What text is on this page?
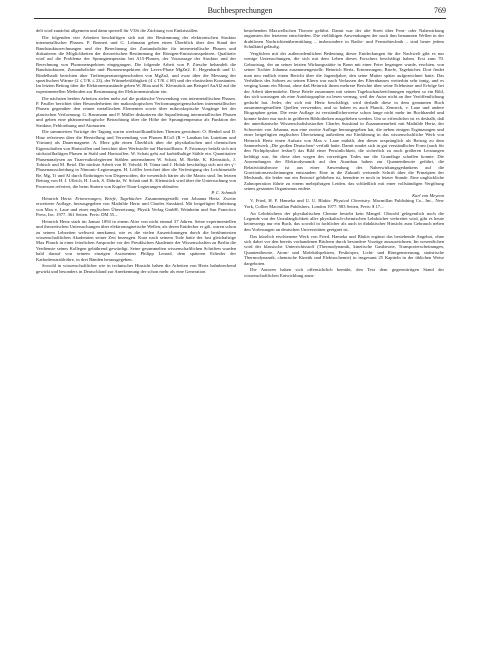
Buchbesprechungen	769

delt wird zunächst allgemein und dann speziell für V3Si die Züchtung von Einkristallen.

Die folgenden vier Arbeiten beschäftigen sich mit der Bestimmung der elektronischen Struktur intermetallischer Phasen. P. Rennert und G. Lehmann geben einen Überblick über den Stand der Bandstrukturrechnungen und der Berechnung der Zustandsdichte für intermetallische Phasen und diskutieren die Möglichkeiten der theoretischen Bestimmung der Röntgen-Emissionsspektren. Qualitativ wird auf die Probleme der Sprungtemperatur bei A15-Phasen, der Voraussage der Struktur und der Berechnung von Phononenspektren eingegangen. Die folgende Arbeit von P. Ziesche behandelt die Bandstrukturen, Zustandsdichte und Phononenspektren der Laves-Phase MgZn2. E. Hegenbarth und U. Rindelhardt berichten über Tieftemperatureigenschaften von MgZn2, und zwar über die Messung der spezifischen Wärme (2 ≤ T/K ≤ 23), der Wärmeleitfähigkeit (4 ≤ T/K ≤ 60) und der elastischen Konstanten. Im letzten Beitrag über die Elektronenzustände geben W. Blau und K. Kleinstück am Beispiel AuAl2 auf die experimentellen Methoden zur Bestimmung der Elektronenstruktur ein.

Die nächsten beiden Arbeiten zielen mehr auf die praktische Verwendung von intermetallischen Phasen. P. Paufler berichtet über Besonderheiten der makroskopischen Verformungseigenschaften intermetallischer Phasen gegenüber den reinen metallischen Elementen sowie über mikroskopische Vorgänge bei der plastischen Verformung. G. Rassmann und P. Müller diskutieren die Supralleitung intermetallischer Phasen und geben eine phänomenologische Betrachtung über die Höhe der Sprungtemperatur als Funktion der Struktur, Fehlordnung und Atomarten.

Die summierten Vorträge der Tagung waren werkstoffkundlichen Themen gewidmet: O. Henkel und D. Hinz referieren über die Herstellung und Verwendung von Phasen RCo5 (R = Lanthan bis Lutetium und Yttrium) als Dauermagnete. A. Merz gibt einen Überblick über die physikalischen und chemischen Eigenschaften von Hartstoffen und berichtet über Werkstoffe auf Hartstoffbasis. P. Fritzmayr befaßt sich mit stickstoffhaltigen Phasen in Stahl und Hartstoffen. W. Schatt geht auf karbidhaltige Stähle ein. Quantitative Phasenanalysen an Titan-mikrolegierten Stählen unternahmen W. Schatt, M. Riehle, K. Kleinstück, J. Tobisch und M. Betzl. Die nächste Arbeit von H. Vohold, H. Tüma und J. Holub beschäftigt sich mit der γ′-Phasenausscheidung in Nimonic-Legierungen. H. Löffler berichtet über die Verfestigung der Leichtmetalle Be, Mg, Ti und Al durch Einbringen von Dispersoiden, die wesentlich härter als die Matrix sind. Im letzten Beitrag von H. J. Ullrich, H. Luck, S. Däbritz, W. Schatt und K. Kleinstück wird über die Untersuchung von Prozessen referiert, die beim Sintern von Kupfer-Titan-Legierungen ablaufen.

P. C. Schmidt

Heinrich Hertz: Erinnerungen, Briefe, Tagebücher. Zusammengestellt von Johanna Hertz. Zweite erweiterte Auflage, herausgegeben von Mathilde Hertz und Charles Susskind. Mit beigefügter Einleitung von Max v. Laue und einer englischen Übersetzung. Physik Verlag GmbH, Weinheim und San Francisco Press, Inc. 1977. 361 Seiten. Preis: DM 55.–

Heinrich Hertz starb im Januar 1894 in einem Alter von nicht einmal 37 Jahren. Seine experimentellen und theoretischen Untersuchungen über elektromagnetische Wellen, als deren Entdecker er gilt, waren schon zu seinen Lebzeiten weltweit anerkannt, wie es die vielen Auszeichnungen durch die berühmtesten wissenschaftlichen Akademien seiner Zeit bezeugen. Kurz nach seinem Tode hatte der fast gleichaltrige Max Planck in einer feierlichen Ansprache vor der Preußischen Akademie der Wissenschaften zu Berlin die Verdienste seines Kollegen gebührend gewürdigt. Seine gesammelten wissenschaftlichen Schriften wurden bald darauf von seinem einzigen Assistenten Philipp Lenard, dem späteren Erfinder der Kathodenstrahlröhre, in drei Bänden herausgegeben.

Sowohl in wissenschaftlicher wie in technischer Hinsicht haben die Arbeiten von Hertz bahnbrechend gewirkt und besonders in Deutschland zur Anerkennung der schon mehr als eine Generation

bestehenden Maxwellschen Theorie geführt. Damit war der alte Streit über Fern- oder Nahewirkung zugunsten der letzteren entschieden. Die vielfältigen Anwendungen der nach ihm benannten Wellen in der drahtlosen Nachrichtenübermittlung – insbesondere in Radio- und Fernsehtechnik – sind heute jedem Schulkind geläufig.

Verglichen mit der außerordentlichen Bedeutung dieser Entdeckungen für die Nachwelt gibt es nur wenige Untersuchungen, die sich mit dem Leben dieses Forschers beschäftigt haben. Erst zum 70. Geburtstag, der an seiner letzten Wirkungsstätte in Bonn mit einer Feier begangen wurde, erschien, von seiner Tochter Johanna zusammengestellt: Heinrich Hertz, Erinnerungen, Briefe, Tagebücher. Dort findet man neu endlich einen Bericht über die Jugendjahre, den seine Mutter später aufgezeichnet hatte. Das Verhältnis des Sohnes zu seinen Eltern war nach Verlassen des Elternhauses weiterhin sehr innig, und es verging kaum ein Monat, ohne daß Heinrich ihnen mehrere Berichte über seine Erlebnisse und Erfolge bei der Arbeit übermittelte. Diese Briefe zusammen mit seinen Tagebuchaufzeichnungen ergeben so ein Bild, das sich sozusagen als eine Autobiographie zu lesen vermag, weil der Autor nicht an ihre Veröffentlichung gedacht hat. Jeder, der sich mit Hertz beschäftigt, wird deshalb diese in dem genannten Buch zusammengestellten Quellen verwenden, und so haben es auch Planck, Zenneck, v. Laue und andere Biographen getan. Die erste Auflage ist verständlicherweise schon lange nicht mehr im Buchhandel und konnte bisher nur noch in größeren Bibliotheken ausgeliehen werden. Um so erfreulicher ist es deshalb, daß der amerikanische Wissenschaftshistoriker Charles Susskind in Zusammenarbeit mit Mathilde Hertz, der Schwester von Johanna, nun eine zweite Auflage herausgegeben hat, die neben einigen Ergänzungen und einer beigefügten englischen Übersetzung außerdem zur Einführung in das wissenschaftliche Werk von Heinrich Hertz einen Aufsatz von Max v. Laue enthält, den dieser ursprünglich als Beitrag zu dem Sammelwerk „Die großen Deutschen“ verfaßt hatte. Damit rundet sich in gut verständlicher Form (auch für den Nichtphysiker lesbar!) das Bild einer Persönlichkeit, die sicherlich zu noch größeren Leistungen befähigt war, für diese aber wegen des vorzeitigen Todes nur die Grundlage schaffen konnte. Die Anwendungen der Elektrodynamik auf den Atombau haben zur Quantentheorie geführt, die Relativitätstheorie ist aus einer Anwendung des Naheswirkungsgedankens auf die Gravitationserscheinungen entstanden. Eine in die Zukunft weisende Schrift über die Prinzipien der Mechanik, die leider nur ein Entwurf geblieben ist, beendete er noch in letzter Stunde. Eine unglückliche Zahnoperation führte zu einem mehrjährigen Leiden, das schließlich mit einer vollständigen Vergiftung seines gesamten Organismus endete.

Karl von Meyenn

V. Fried, H. F. Hameka und U. U. Blukis: Physical Chemistry. Macmillan Publishing Co., Inc., New York, Collier Macmillan Publishers, London 1977. 983 Seiten, Preis: $ 17.–

An Lehrbüchern der physikalischen Chemie besteht kein Mangel. Obwohl gelegentlich noch die Legende von der Unzulänglichkeit aller physikalisch-chemischen Lehrbücher verbreitet wird, gibt es heute keineswegs nur ein Buch, das sowohl in fachlicher als auch in didaktischer Hinsicht zum Gebrauch neben den Vorlesungen an deutschen Universitäten geeignet ist.

Das kürzlich erschienene Werk von Fried, Hameka und Blukis ergänzt das bestehende Angebot, ohne sich dabei vor den bereits vorhandenen Büchern durch besondere Vorzüge auszuzeichnen. Im wesentlichen wird der klassische Unterrichtsstoff (Thermodynamik, kinetische Gastheorie, Transporterscheinungen, Quantentheorie, Atom- und Molekülspektren, Festkörper, Licht- und Röntgenstreuung, statistische Thermodynamik, chemische Kinetik und Elektrochemie) in insgesamt 25 Kapiteln in der üblichen Weise dargeboten.

Die Autoren haben sich offensichtlich bemüht, den Text dem gegenwärtigen Stand der wissenschaftlichen Entwicklung anzu-
